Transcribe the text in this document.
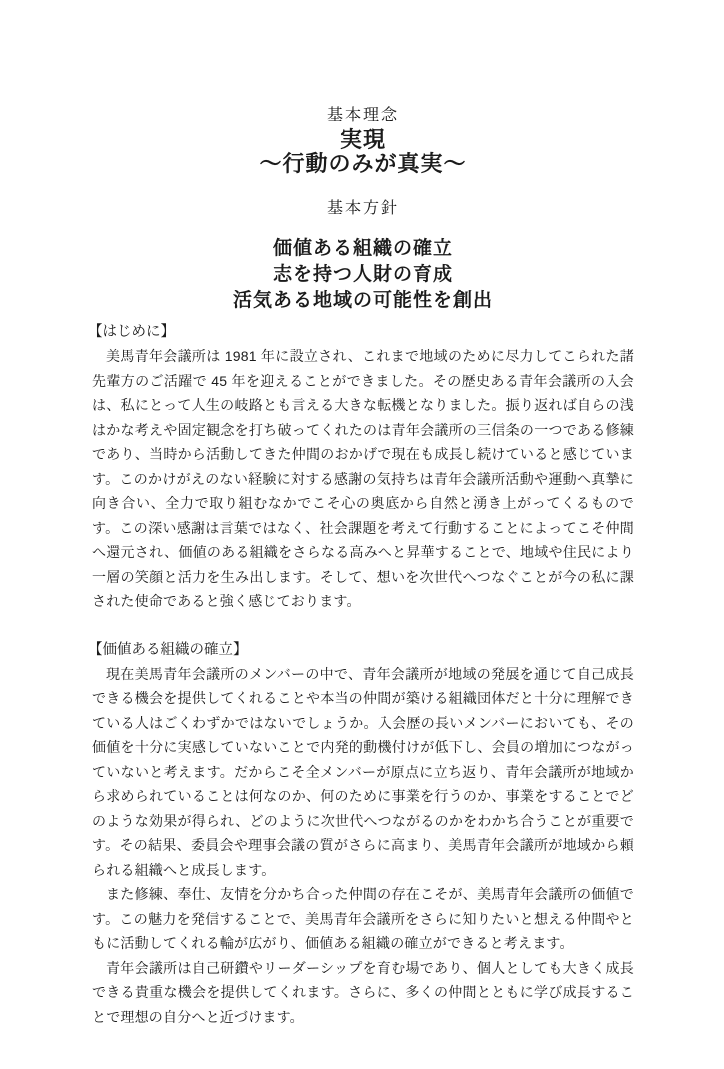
基本理念
実現
～行動のみが真実～
基本方針
価値ある組織の確立
志を持つ人財の育成
活気ある地域の可能性を創出
【はじめに】

美馬青年会議所は 1981 年に設立され、これまで地域のために尽力してこられた諸先輩方のご活躍で 45 年を迎えることができました。その歴史ある青年会議所の入会は、私にとって人生の岐路とも言える大きな転機となりました。振り返れば自らの浅はかな考えや固定観念を打ち破ってくれたのは青年会議所の三信条の一つである修練であり、当時から活動してきた仲間のおかげで現在も成長し続けていると感じています。このかけがえのない経験に対する感謝の気持ちは青年会議所活動や運動へ真摯に向き合い、全力で取り組むなかでこそ心の奥底から自然と湧き上がってくるものです。この深い感謝は言葉ではなく、社会課題を考えて行動することによってこそ仲間へ還元され、価値のある組織をさらなる高みへと昇華することで、地域や住民により一層の笑顔と活力を生み出します。そして、想いを次世代へつなぐことが今の私に課された使命であると強く感じております。

【価値ある組織の確立】

現在美馬青年会議所のメンバーの中で、青年会議所が地域の発展を通じて自己成長できる機会を提供してくれることや本当の仲間が築ける組織団体だと十分に理解できている人はごくわずかではないでしょうか。入会歴の長いメンバーにおいても、その価値を十分に実感していないことで内発的動機付けが低下し、会員の増加につながっていないと考えます。だからこそ全メンバーが原点に立ち返り、青年会議所が地域から求められていることは何なのか、何のために事業を行うのか、事業をすることでどのような効果が得られ、どのように次世代へつながるのかをわかち合うことが重要です。その結果、委員会や理事会議の質がさらに高まり、美馬青年会議所が地域から頼られる組織へと成長します。

また修練、奉仕、友情を分かち合った仲間の存在こそが、美馬青年会議所の価値です。この魅力を発信することで、美馬青年会議所をさらに知りたいと想える仲間やともに活動してくれる輪が広がり、価値ある組織の確立ができると考えます。

青年会議所は自己研鑽やリーダーシップを育む場であり、個人としても大きく成長できる貴重な機会を提供してくれます。さらに、多くの仲間とともに学び成長することで理想の自分へと近づけます。
